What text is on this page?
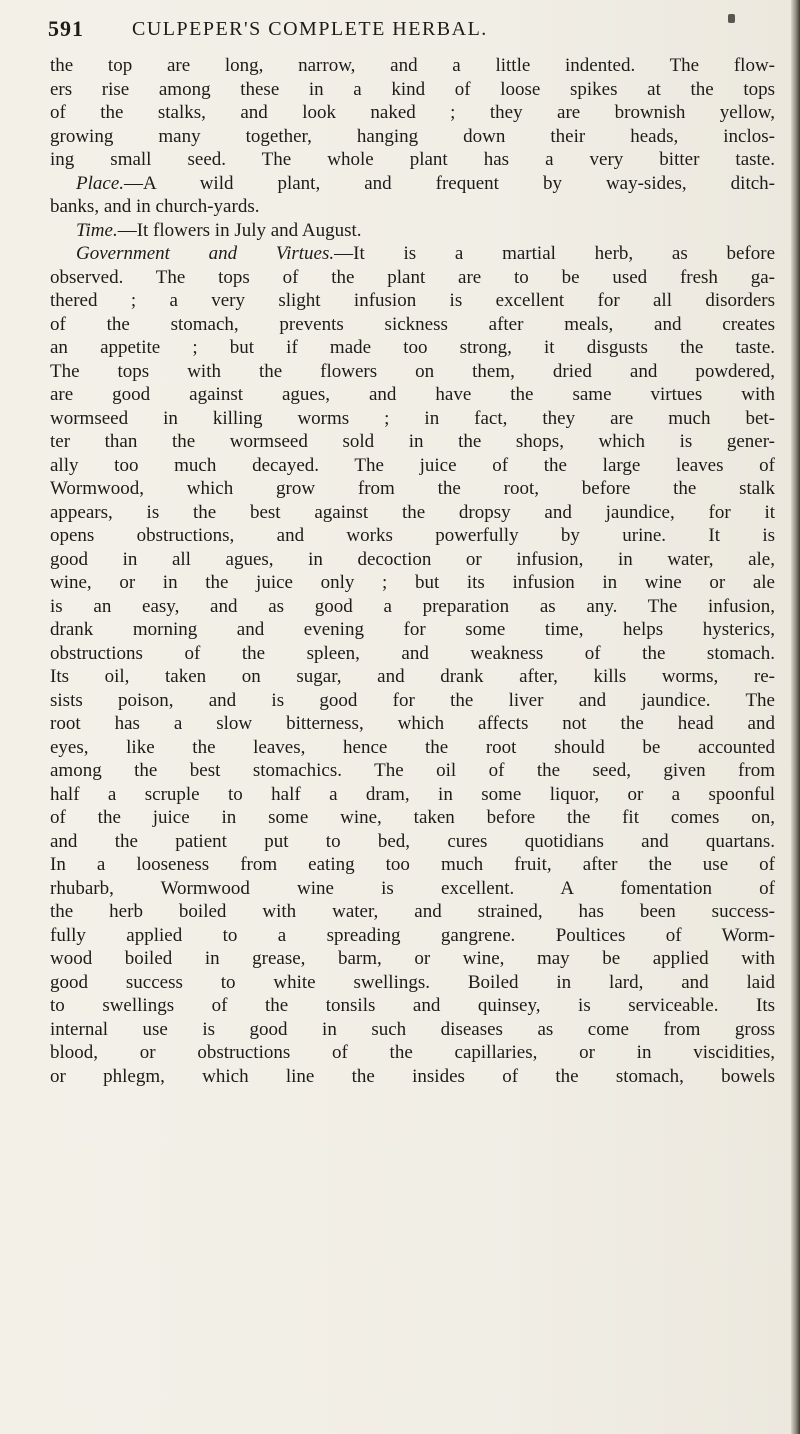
591 CULPEPER'S COMPLETE HERBAL.
the top are long, narrow, and a little indented. The flow-
ers rise among these in a kind of loose spikes at the tops
of the stalks, and look naked ; they are brownish yellow,
growing many together, hanging down their heads, inclos-
ing small seed. The whole plant has a very bitter taste.
Place.—A wild plant, and frequent by way-sides, ditch-
banks, and in church-yards.
Time.—It flowers in July and August.
Government and Virtues.—It is a martial herb, as before
observed. The tops of the plant are to be used fresh ga-
thered ; a very slight infusion is excellent for all disorders
of the stomach, prevents sickness after meals, and creates
an appetite ; but if made too strong, it disgusts the taste.
The tops with the flowers on them, dried and powdered,
are good against agues, and have the same virtues with
wormseed in killing worms ; in fact, they are much bet-
ter than the wormseed sold in the shops, which is gener-
ally too much decayed. The juice of the large leaves of
Wormwood, which grow from the root, before the stalk
appears, is the best against the dropsy and jaundice, for it
opens obstructions, and works powerfully by urine. It is
good in all agues, in decoction or infusion, in water, ale,
wine, or in the juice only ; but its infusion in wine or ale
is an easy, and as good a preparation as any. The infusion,
drank morning and evening for some time, helps hysterics,
obstructions of the spleen, and weakness of the stomach.
Its oil, taken on sugar, and drank after, kills worms, re-
sists poison, and is good for the liver and jaundice. The
root has a slow bitterness, which affects not the head and
eyes, like the leaves, hence the root should be accounted
among the best stomachics. The oil of the seed, given from
half a scruple to half a dram, in some liquor, or a spoonful
of the juice in some wine, taken before the fit comes on,
and the patient put to bed, cures quotidians and quartans.
In a looseness from eating too much fruit, after the use of
rhubarb, Wormwood wine is excellent. A fomentation of
the herb boiled with water, and strained, has been success-
fully applied to a spreading gangrene. Poultices of Worm-
wood boiled in grease, barm, or wine, may be applied with
good success to white swellings. Boiled in lard, and laid
to swellings of the tonsils and quinsey, is serviceable. Its
internal use is good in such diseases as come from gross
blood, or obstructions of the capillaries, or in viscidities,
or phlegm, which line the insides of the stomach, bowels
